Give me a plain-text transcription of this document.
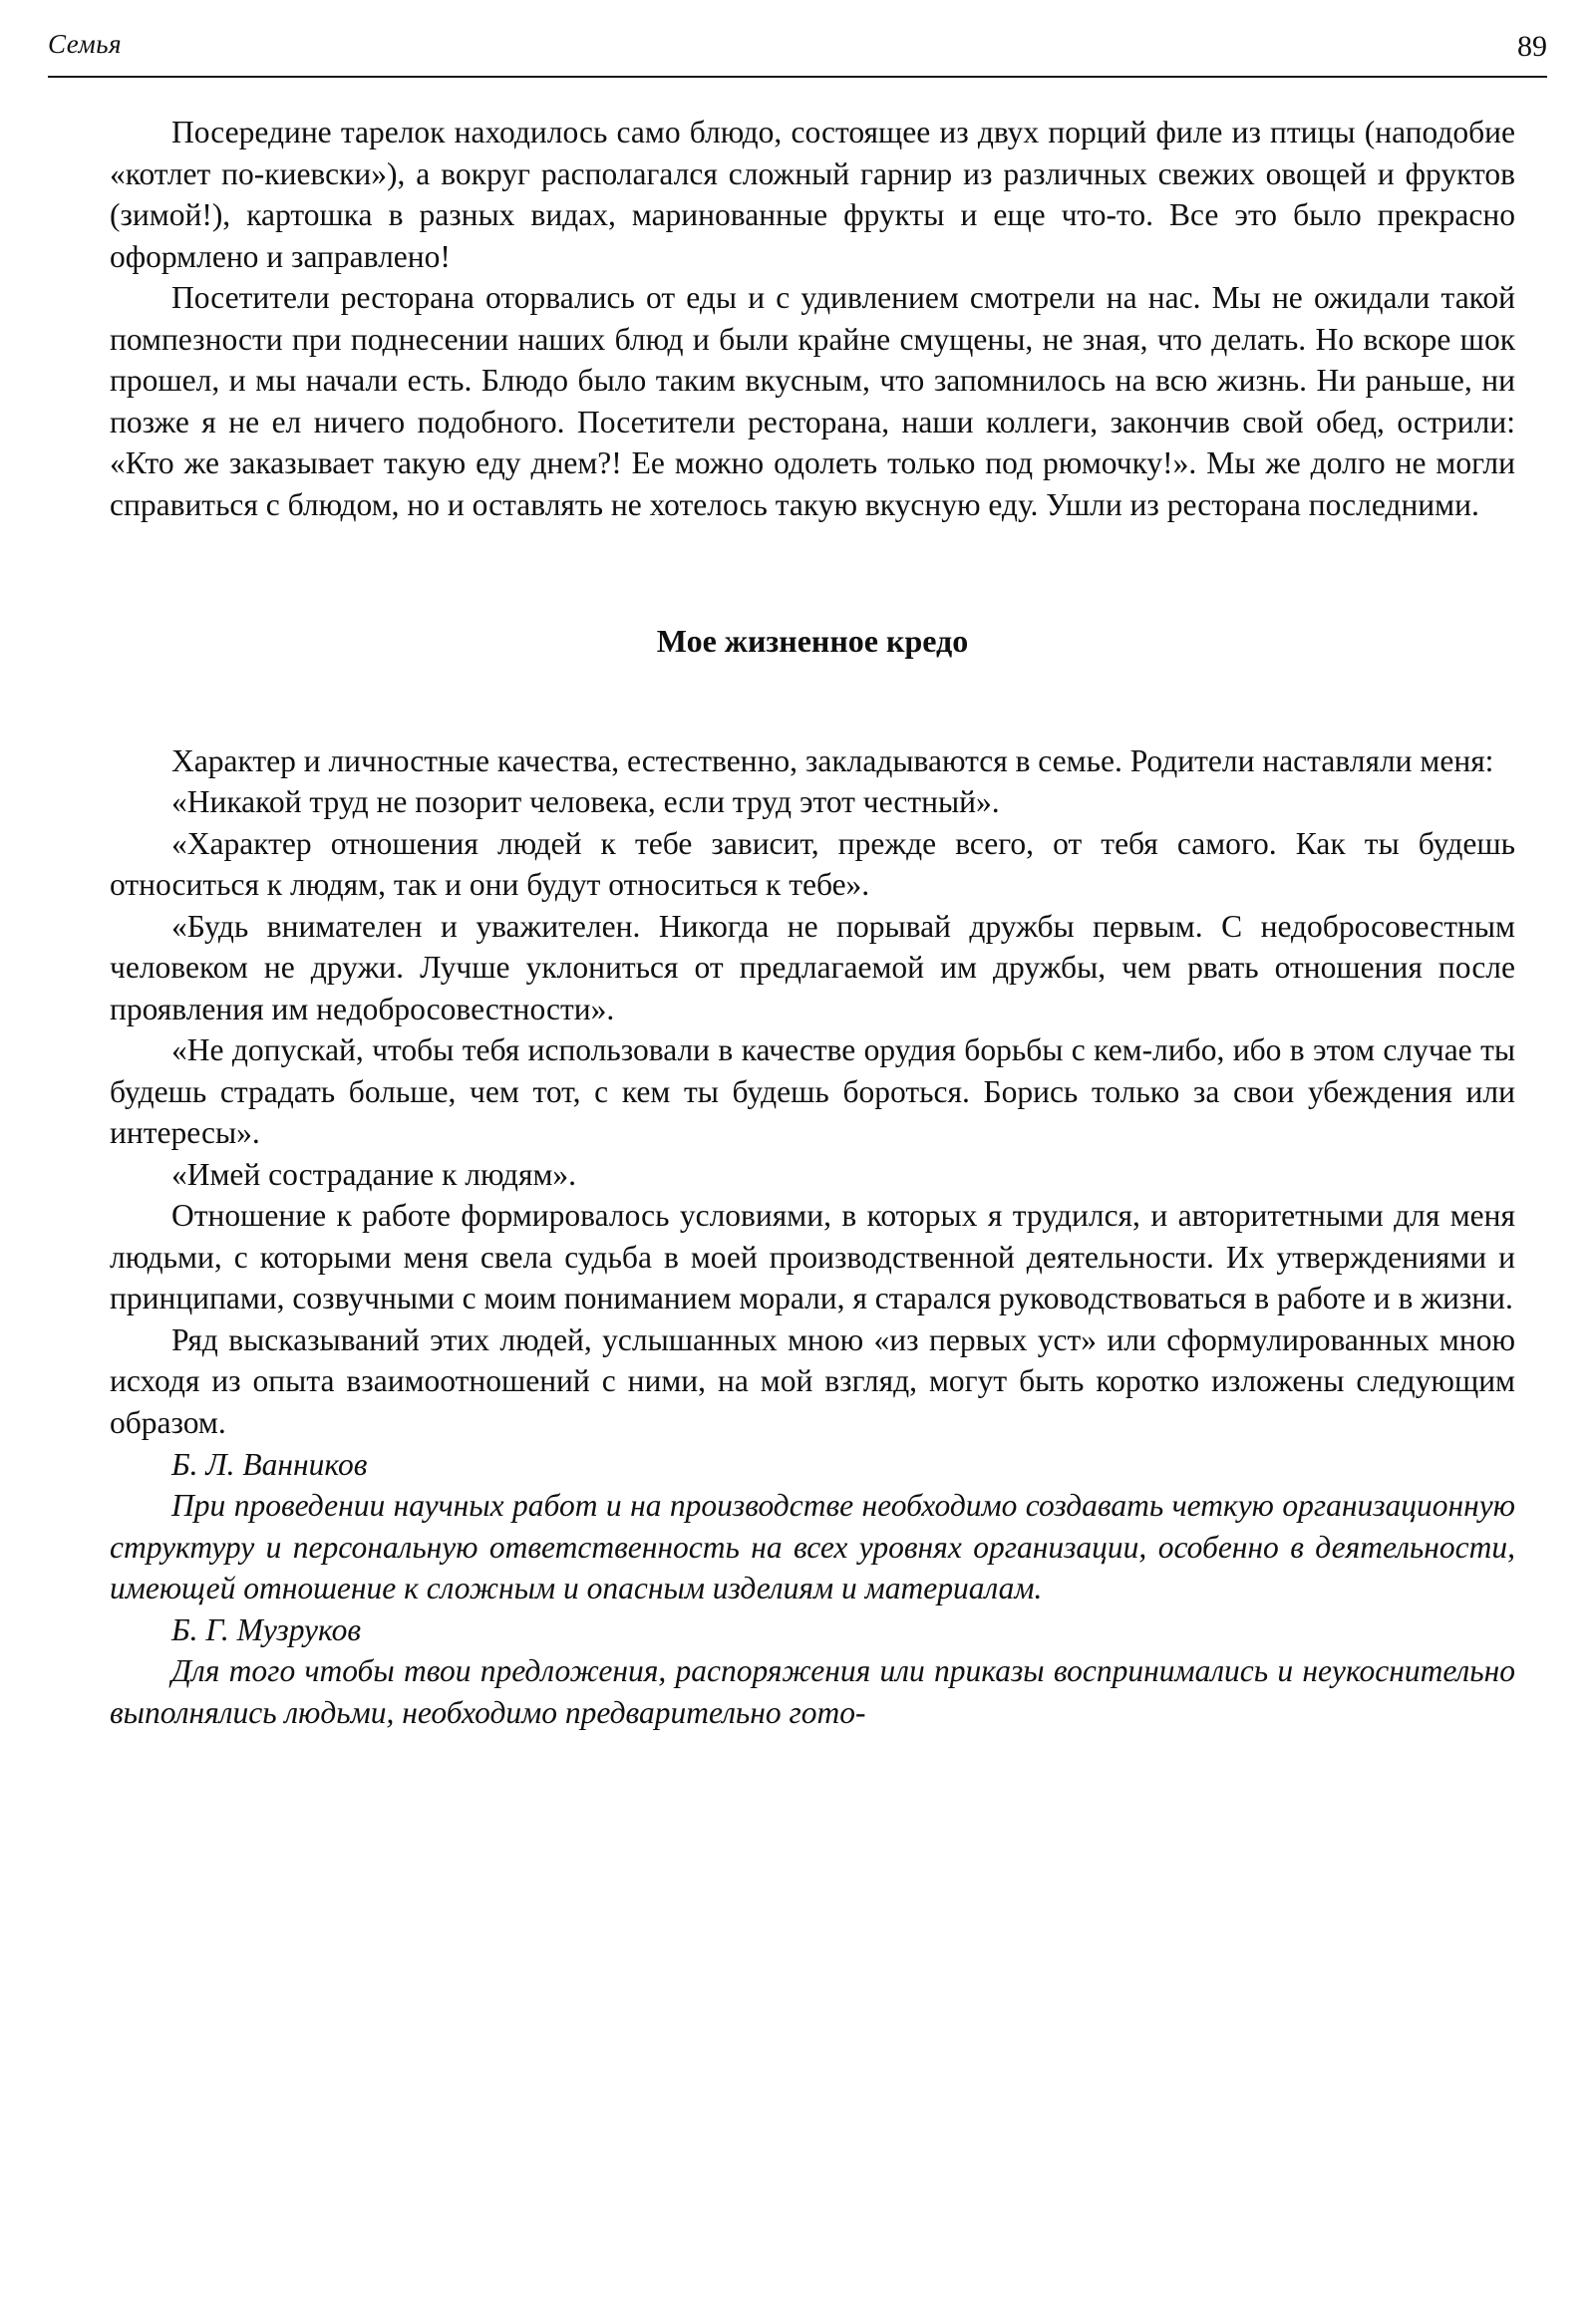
Семья	89

Посередине тарелок находилось само блюдо, состоящее из двух порций филе из птицы (наподобие «котлет по-киевски»), а вокруг располагался сложный гарнир из различных свежих овощей и фруктов (зимой!), картошка в разных видах, маринованные фрукты и еще что-то. Все это было прекрасно оформлено и заправлено!

Посетители ресторана оторвались от еды и с удивлением смотрели на нас. Мы не ожидали такой помпезности при поднесении наших блюд и были крайне смущены, не зная, что делать. Но вскоре шок прошел, и мы начали есть. Блюдо было таким вкусным, что запомнилось на всю жизнь. Ни раньше, ни позже я не ел ничего подобного. Посетители ресторана, наши коллеги, закончив свой обед, острили: «Кто же заказывает такую еду днем?! Ее можно одолеть только под рюмочку!». Мы же долго не могли справиться с блюдом, но и оставлять не хотелось такую вкусную еду. Ушли из ресторана последними.

Мое жизненное кредо

Характер и личностные качества, естественно, закладываются в семье. Родители наставляли меня:

«Никакой труд не позорит человека, если труд этот честный».

«Характер отношения людей к тебе зависит, прежде всего, от тебя самого. Как ты будешь относиться к людям, так и они будут относиться к тебе».

«Будь внимателен и уважителен. Никогда не порывай дружбы первым. С недобросовестным человеком не дружи. Лучше уклониться от предлагаемой им дружбы, чем рвать отношения после проявления им недобросовестности».

«Не допускай, чтобы тебя использовали в качестве орудия борьбы с кем-либо, ибо в этом случае ты будешь страдать больше, чем тот, с кем ты будешь бороться. Борись только за свои убеждения или интересы».

«Имей сострадание к людям».

Отношение к работе формировалось условиями, в которых я трудился, и авторитетными для меня людьми, с которыми меня свела судьба в моей производственной деятельности. Их утверждениями и принципами, созвучными с моим пониманием морали, я старался руководствоваться в работе и в жизни.

Ряд высказываний этих людей, услышанных мною «из первых уст» или сформулированных мною исходя из опыта взаимоотношений с ними, на мой взгляд, могут быть коротко изложены следующим образом.

Б. Л. Ванников
При проведении научных работ и на производстве необходимо создавать четкую организационную структуру и персональную ответственность на всех уровнях организации, особенно в деятельности, имеющей отношение к сложным и опасным изделиям и материалам.
Б. Г. Музруков
Для того чтобы твои предложения, распоряжения или приказы воспринимались и неукоснительно выполнялись людьми, необходимо предварительно гото-
